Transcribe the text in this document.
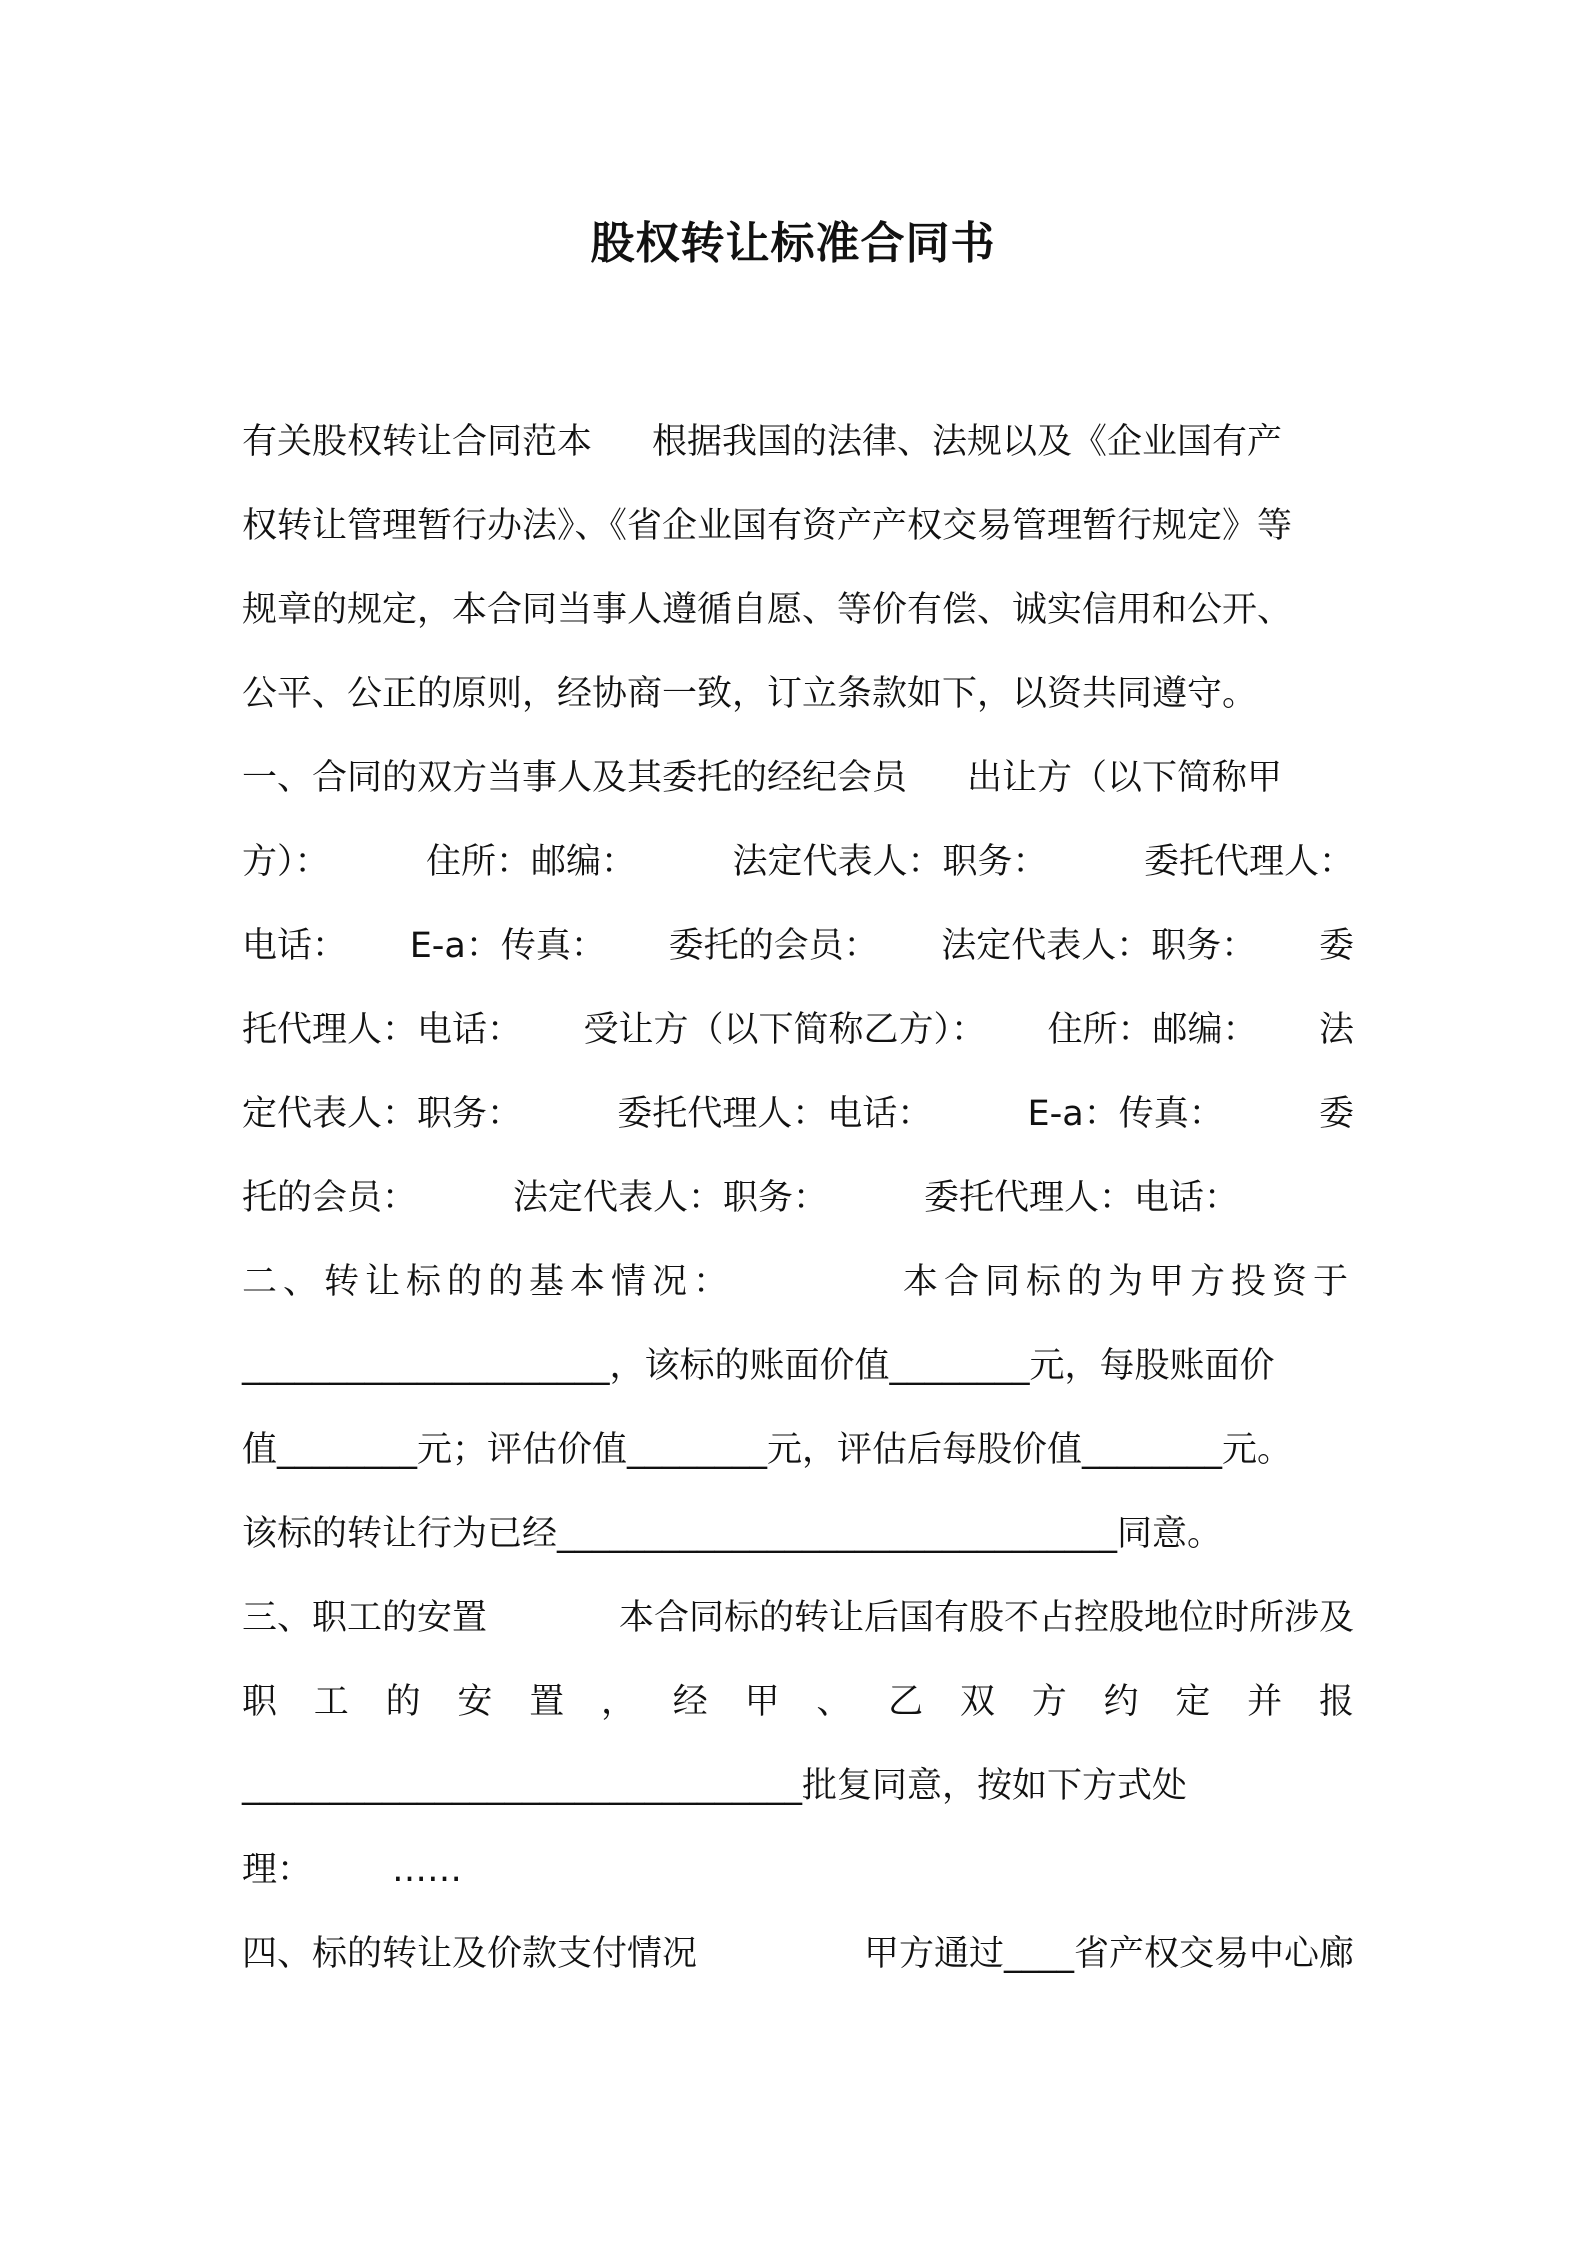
股权转让标准合同书
有关股权转让合同范本 根据我国的法律、法规以及《企业国有产
权转让管理暂行办法》、《省企业国有资产产权交易管理暂行规定》等
规章的规定，本合同当事人遵循自愿、等价有偿、诚实信用和公开、
公平、公正的原则，经协商一致，订立条款如下，以资共同遵守。
一、合同的双方当事人及其委托的经纪会员 出让方（以下简称甲
方）：	住所：邮编：	法定代表人：职务：	委托代理人：
电话： E-a：传真： 委托的会员： 法定代表人：职务： 委
托代理人：电话： 受让方（以下简称乙方）： 住所：邮编： 法
定代表人：职务：	委托代理人：电话：	E-a：传真：	委
托的会员：	法定代表人：职务：	委托代理人：电话：
二、转让标的的基本情况：	本合同标的为甲方投资于
_____________________，该标的账面价值________元，每股账面价
值________元；评估价值________元，评估后每股价值________元。
该标的转让行为已经________________________________同意。
三、职工的安置	本合同标的转让后国有股不占控股地位时所涉及
职 工 的 安 置 ， 经 甲 、 乙 双 方 约 定 并 报
________________________________批复同意，按如下方式处
理： ……
四、标的转让及价款支付情况	甲方通过____省产权交易中心廊
